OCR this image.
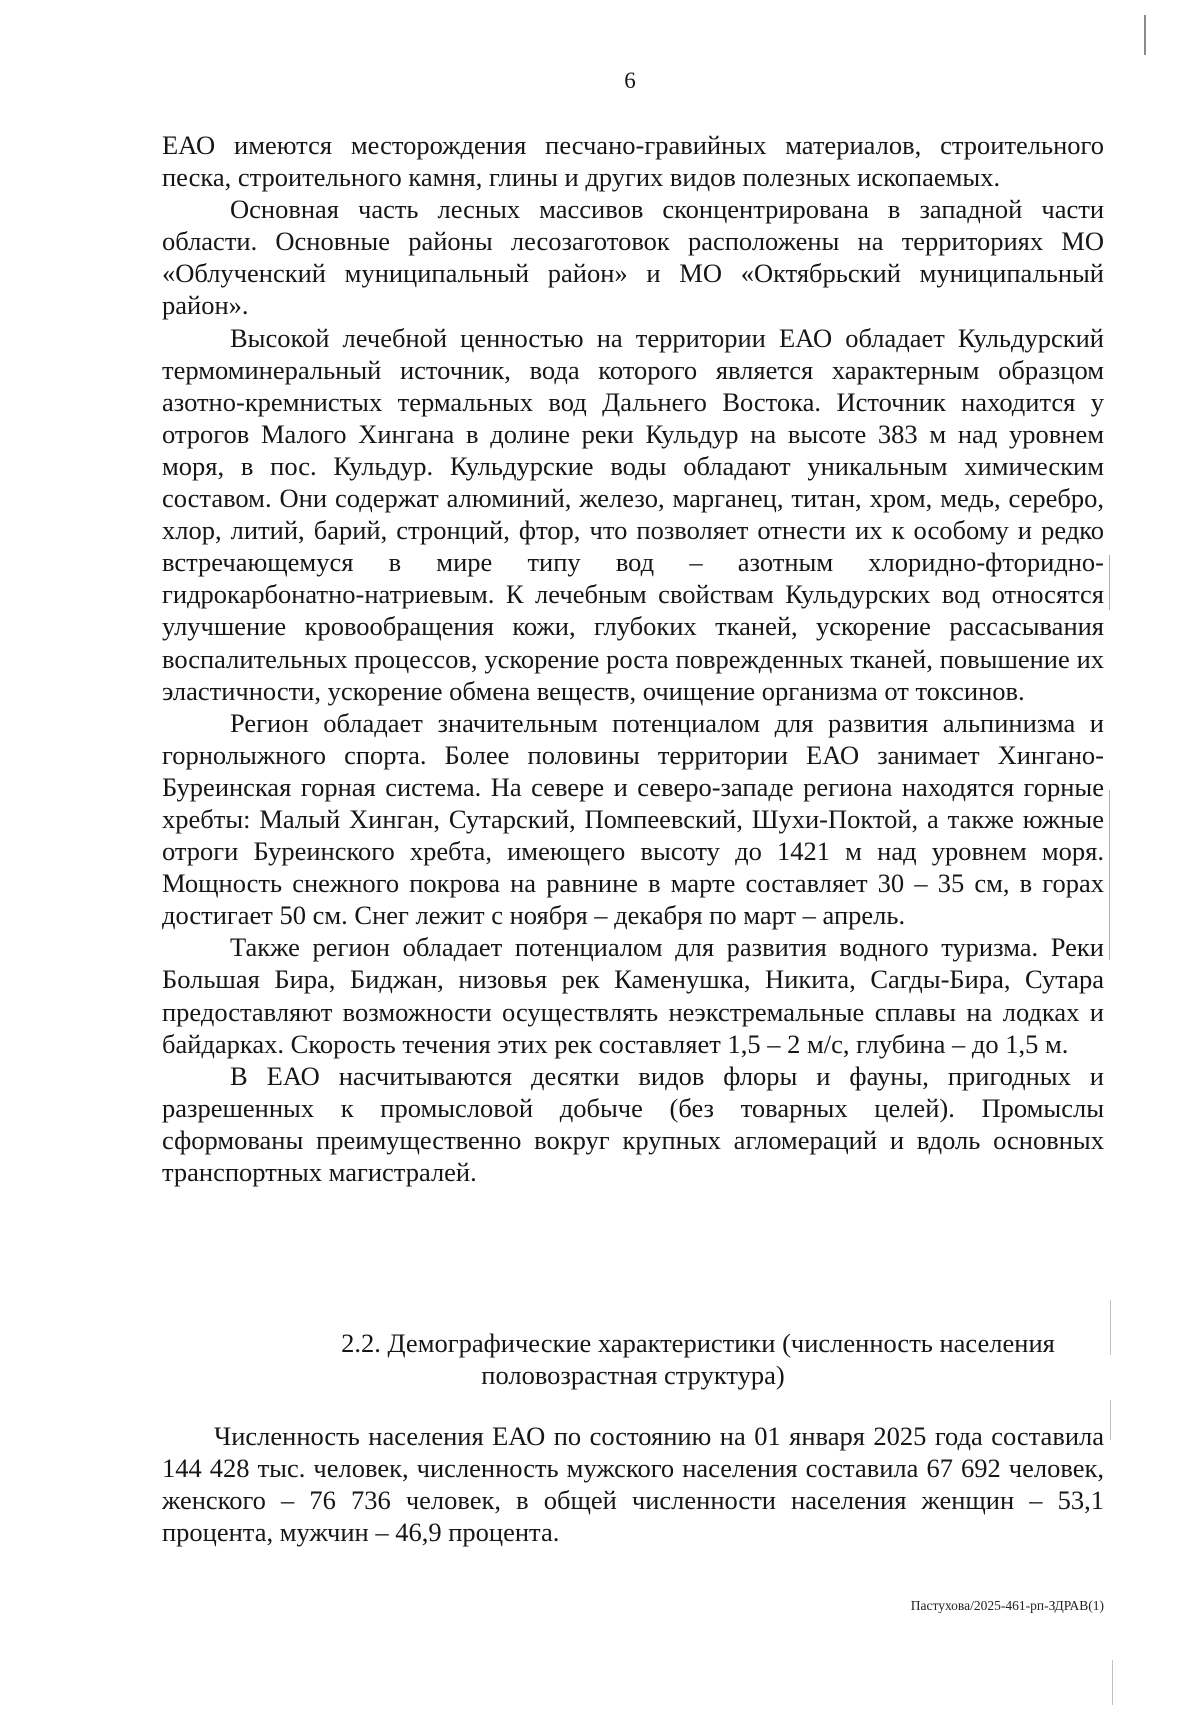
6

ЕАО имеются месторождения песчано-гравийных материалов, строительного песка, строительного камня, глины и других видов полезных ископаемых.

Основная часть лесных массивов сконцентрирована в западной части области. Основные районы лесозаготовок расположены на территориях МО «Облученский муниципальный район» и МО «Октябрьский муниципальный район».

Высокой лечебной ценностью на территории ЕАО обладает Кульдурский термоминеральный источник, вода которого является характерным образцом азотно-кремнистых термальных вод Дальнего Востока. Источник находится у отрогов Малого Хингана в долине реки Кульдур на высоте 383 м над уровнем моря, в пос. Кульдур. Кульдурские воды обладают уникальным химическим составом. Они содержат алюминий, железо, марганец, титан, хром, медь, серебро, хлор, литий, барий, стронций, фтор, что позволяет отнести их к особому и редко встречающемуся в мире типу вод – азотным хлоридно-фторидно-гидрокарбонатно-натриевым. К лечебным свойствам Кульдурских вод относятся улучшение кровообращения кожи, глубоких тканей, ускорение рассасывания воспалительных процессов, ускорение роста поврежденных тканей, повышение их эластичности, ускорение обмена веществ, очищение организма от токсинов.

Регион обладает значительным потенциалом для развития альпинизма и горнолыжного спорта. Более половины территории ЕАО занимает Хингано-Буреинская горная система. На севере и северо-западе региона находятся горные хребты: Малый Хинган, Сутарский, Помпеевский, Шухи-Поктой, а также южные отроги Буреинского хребта, имеющего высоту до 1421 м над уровнем моря. Мощность снежного покрова на равнине в марте составляет 30 – 35 см, в горах достигает 50 см. Снег лежит с ноября – декабря по март – апрель.

Также регион обладает потенциалом для развития водного туризма. Реки Большая Бира, Биджан, низовья рек Каменушка, Никита, Сагды-Бира, Сутара предоставляют возможности осуществлять неэкстремальные сплавы на лодках и байдарках. Скорость течения этих рек составляет 1,5 – 2 м/с, глубина – до 1,5 м.

В ЕАО насчитываются десятки видов флоры и фауны, пригодных и разрешенных к промысловой добыче (без товарных целей). Промыслы сформованы преимущественно вокруг крупных агломераций и вдоль основных транспортных магистралей.

2.2. Демографические характеристики (численность населения
половозрастная структура)

Численность населения ЕАО по состоянию на 01 января 2025 года составила 144 428 тыс. человек, численность мужского населения составила 67 692 человек, женского – 76 736 человек, в общей численности населения женщин – 53,1 процента, мужчин – 46,9 процента.

Пастухова/2025-461-рп-ЗДРАВ(1)
